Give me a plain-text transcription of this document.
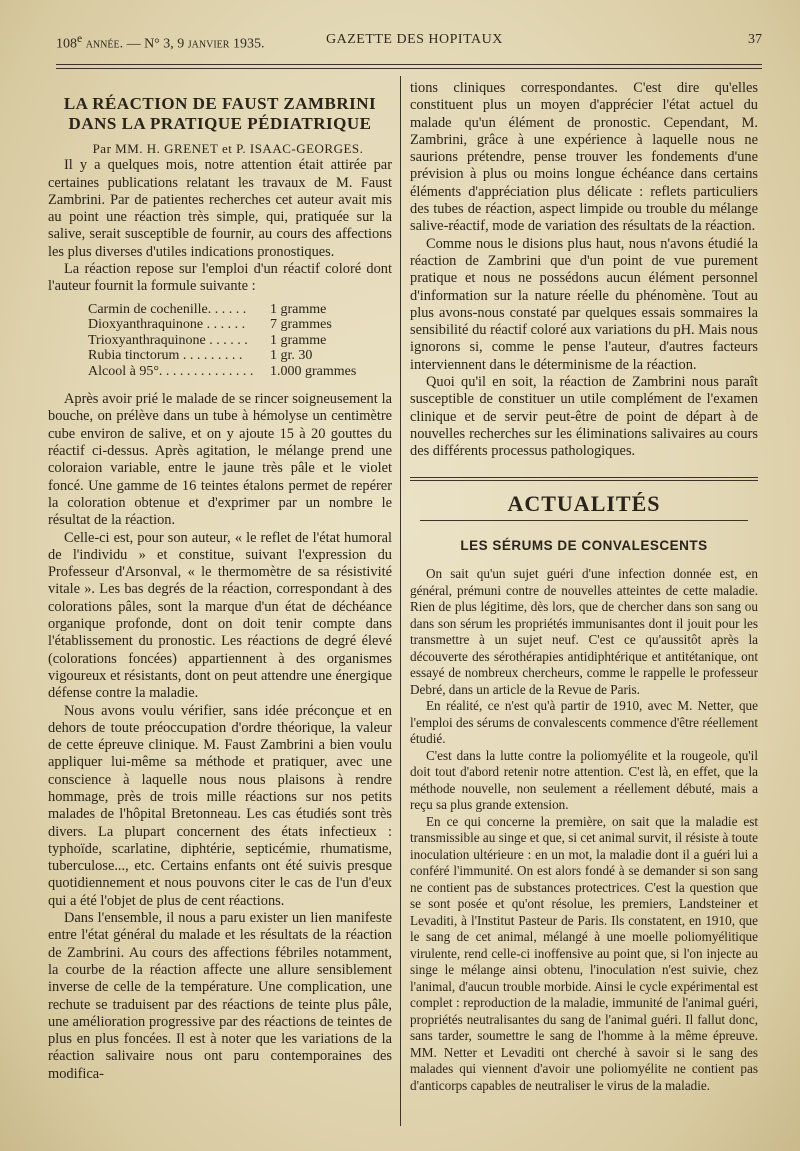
108e année. — N° 3, 9 janvier 1935.	GAZETTE DES HOPITAUX	37
LA RÉACTION DE FAUST ZAMBRINI
DANS LA PRATIQUE PÉDIATRIQUE

Par MM. H. GRENET et P. ISAAC-GEORGES.

Il y a quelques mois, notre attention était attirée par certaines publications relatant les travaux de M. Faust Zambrini. Par de patientes recherches cet auteur avait mis au point une réaction très simple, qui, pratiquée sur la salive, serait susceptible de fournir, au cours des affections les plus diverses d'utiles indications pronostiques.

La réaction repose sur l'emploi d'un réactif coloré dont l'auteur fournit la formule suivante :

Carmin de cochenille. . . . . .	1 gramme
Dioxyanthraquinone . . . . . .	7 grammes
Trioxyanthraquinone . . . . . .	1 gramme
Rubia tinctorum . . . . . . . . .	1 gr. 30
Alcool à 95°. . . . . . . . . . . . . .	1.000 grammes

Après avoir prié le malade de se rincer soigneusement la bouche, on prélève dans un tube à hémolyse un centimètre cube environ de salive, et on y ajoute 15 à 20 gouttes du réactif ci-dessus. Après agitation, le mélange prend une coloraion variable, entre le jaune très pâle et le violet foncé. Une gamme de 16 teintes étalons permet de repérer la coloration obtenue et d'exprimer par un nombre le résultat de la réaction.

Celle-ci est, pour son auteur, « le reflet de l'état humoral de l'individu » et constitue, suivant l'expression du Professeur d'Arsonval, « le thermomètre de sa résistivité vitale ». Les bas degrés de la réaction, correspondant à des colorations pâles, sont la marque d'un état de déchéance organique profonde, dont on doit tenir compte dans l'établissement du pronostic. Les réactions de degré élevé (colorations foncées) appartiennent à des organismes vigoureux et résistants, dont on peut attendre une énergique défense contre la maladie.

Nous avons voulu vérifier, sans idée préconçue et en dehors de toute préoccupation d'ordre théorique, la valeur de cette épreuve clinique. M. Faust Zambrini a bien voulu appliquer lui-même sa méthode et pratiquer, avec une conscience à laquelle nous nous plaisons à rendre hommage, près de trois mille réactions sur nos petits malades de l'hôpital Bretonneau. Les cas étudiés sont très divers. La plupart concernent des états infectieux : typhoïde, scarlatine, diphtérie, septicémie, rhumatisme, tuberculose..., etc. Certains enfants ont été suivis presque quotidiennement et nous pouvons citer le cas de l'un d'eux qui a été l'objet de plus de cent réactions.

Dans l'ensemble, il nous a paru exister un lien manifeste entre l'état général du malade et les résultats de la réaction de Zambrini. Au cours des affections fébriles notamment, la courbe de la réaction affecte une allure sensiblement inverse de celle de la température. Une complication, une rechute se traduisent par des réactions de teinte plus pâle, une amélioration progressive par des réactions de teintes de plus en plus foncées. Il est à noter que les variations de la réaction salivaire nous ont paru contemporaines des modifica-

tions cliniques correspondantes. C'est dire qu'elles constituent plus un moyen d'apprécier l'état actuel du malade qu'un élément de pronostic. Cependant, M. Zambrini, grâce à une expérience à laquelle nous ne saurions prétendre, pense trouver les fondements d'une prévision à plus ou moins longue échéance dans certains éléments d'appréciation plus délicate : reflets particuliers des tubes de réaction, aspect limpide ou trouble du mélange salive-réactif, mode de variation des résultats de la réaction.

Comme nous le disions plus haut, nous n'avons étudié la réaction de Zambrini que d'un point de vue purement pratique et nous ne possédons aucun élément personnel d'information sur la nature réelle du phénomène. Tout au plus avons-nous constaté par quelques essais sommaires la sensibilité du réactif coloré aux variations du pH. Mais nous ignorons si, comme le pense l'auteur, d'autres facteurs interviennent dans le déterminisme de la réaction.

Quoi qu'il en soit, la réaction de Zambrini nous paraît susceptible de constituer un utile complément de l'examen clinique et de servir peut-être de point de départ à de nouvelles recherches sur les éliminations salivaires au cours des différents processus pathologiques.

ACTUALITÉS
LES SÉRUMS DE CONVALESCENTS

On sait qu'un sujet guéri d'une infection donnée est, en général, prémuni contre de nouvelles atteintes de cette maladie. Rien de plus légitime, dès lors, que de chercher dans son sang ou dans son sérum les propriétés immunisantes dont il jouit pour les transmettre à un sujet neuf. C'est ce qu'aussitôt après la découverte des sérothérapies antidiphtérique et antitétanique, ont essayé de nombreux chercheurs, comme le rappelle le professeur Debré, dans un article de la Revue de Paris.

En réalité, ce n'est qu'à partir de 1910, avec M. Netter, que l'emploi des sérums de convalescents commence d'être réellement étudié.

C'est dans la lutte contre la poliomyélite et la rougeole, qu'il doit tout d'abord retenir notre attention. C'est là, en effet, que la méthode nouvelle, non seulement a réellement débuté, mais a reçu sa plus grande extension.

En ce qui concerne la première, on sait que la maladie est transmissible au singe et que, si cet animal survit, il résiste à toute inoculation ultérieure : en un mot, la maladie dont il a guéri lui a conféré l'immunité. On est alors fondé à se demander si son sang ne contient pas de substances protectrices. C'est la question que se sont posée et qu'ont résolue, les premiers, Landsteiner et Levaditi, à l'Institut Pasteur de Paris. Ils constatent, en 1910, que le sang de cet animal, mélangé à une moelle poliomyélitique virulente, rend celle-ci inoffensive au point que, si l'on injecte au singe le mélange ainsi obtenu, l'inoculation n'est suivie, chez l'animal, d'aucun trouble morbide. Ainsi le cycle expérimental est complet : reproduction de la maladie, immunité de l'animal guéri, propriétés neutralisantes du sang de l'animal guéri. Il fallut donc, sans tarder, soumettre le sang de l'homme à la même épreuve. MM. Netter et Levaditi ont cherché à savoir si le sang des malades qui viennent d'avoir une poliomyélite ne contient pas d'anticorps capables de neutraliser le virus de la maladie.
